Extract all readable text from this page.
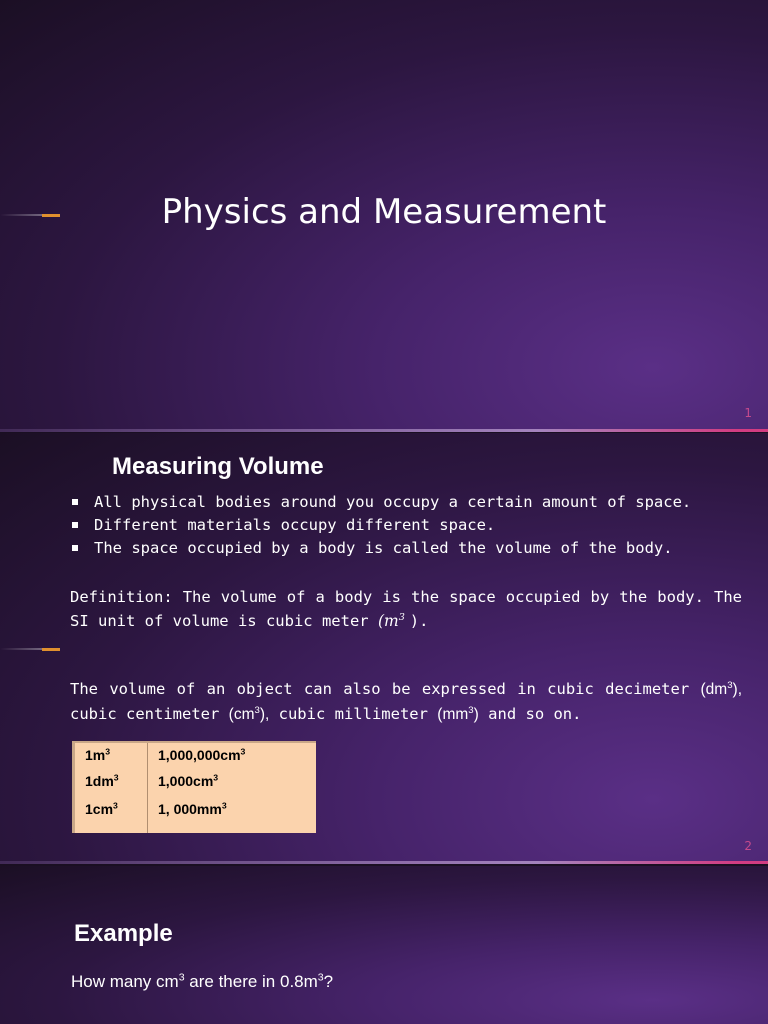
Physics and Measurement
1
Measuring Volume
All physical bodies around you occupy a certain amount of space.
Different materials occupy different space.
The space occupied by a body is called the volume of the body.
Definition: The volume of a body is the space occupied by the body. The SI unit of volume is cubic meter ($m^3$ ).
The volume of an object can also be expressed in cubic decimeter $(dm^3)$, cubic centimeter $(cm^3)$, cubic millimeter $(mm^3)$ and so on.
$1m^3$	$1,000,000cm^3$
$1dm^3$	$1,000cm^3$
$1cm^3$	1, $000mm^3$
2
Example
How many $cm^3$ are there in $0.8m^3$?
